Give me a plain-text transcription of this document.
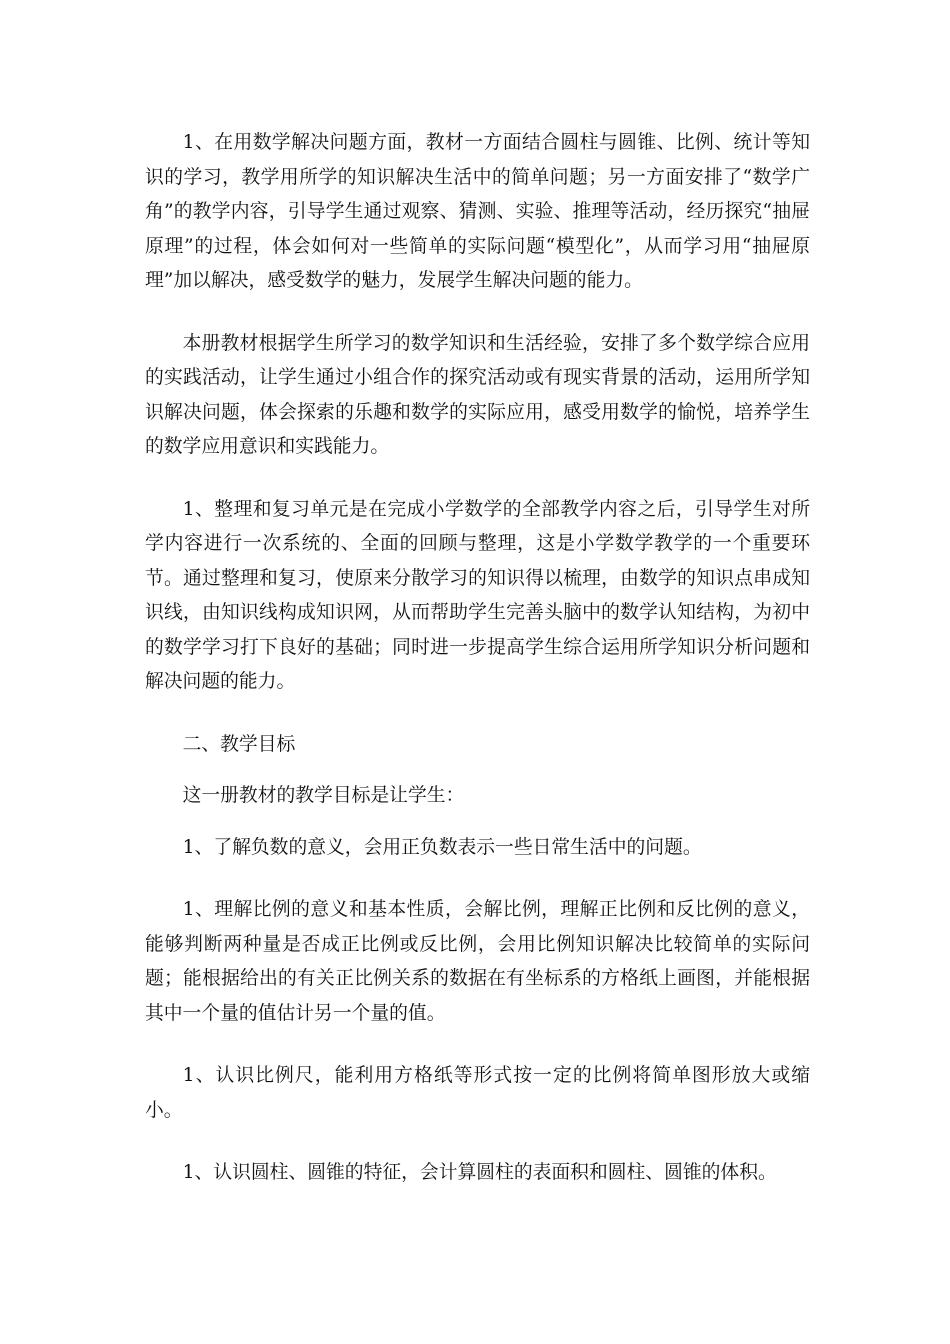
1、在用数学解决问题方面，教材一方面结合圆柱与圆锥、比例、统计等知识的学习，教学用所学的知识解决生活中的简单问题；另一方面安排了“数学广角”的教学内容，引导学生通过观察、猜测、实验、推理等活动，经历探究“抽屉原理”的过程，体会如何对一些简单的实际问题“模型化”，从而学习用“抽屉原理”加以解决，感受数学的魅力，发展学生解决问题的能力。

本册教材根据学生所学习的数学知识和生活经验，安排了多个数学综合应用的实践活动，让学生通过小组合作的探究活动或有现实背景的活动，运用所学知识解决问题，体会探索的乐趣和数学的实际应用，感受用数学的愉悦，培养学生的数学应用意识和实践能力。

1、整理和复习单元是在完成小学数学的全部教学内容之后，引导学生对所学内容进行一次系统的、全面的回顾与整理，这是小学数学教学的一个重要环节。通过整理和复习，使原来分散学习的知识得以梳理，由数学的知识点串成知识线，由知识线构成知识网，从而帮助学生完善头脑中的数学认知结构，为初中的数学学习打下良好的基础；同时进一步提高学生综合运用所学知识分析问题和解决问题的能力。

二、教学目标

这一册教材的教学目标是让学生：

1、了解负数的意义，会用正负数表示一些日常生活中的问题。

1、理解比例的意义和基本性质，会解比例，理解正比例和反比例的意义，能够判断两种量是否成正比例或反比例，会用比例知识解决比较简单的实际问题；能根据给出的有关正比例关系的数据在有坐标系的方格纸上画图，并能根据其中一个量的值估计另一个量的值。

1、认识比例尺，能利用方格纸等形式按一定的比例将简单图形放大或缩小。

1、认识圆柱、圆锥的特征，会计算圆柱的表面积和圆柱、圆锥的体积。
